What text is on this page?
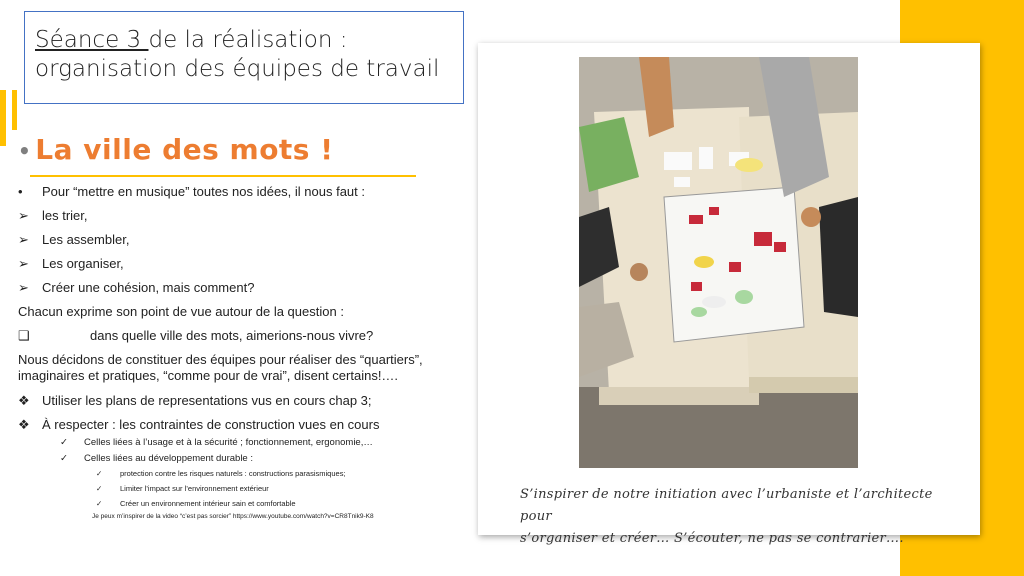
Séance 3 de la réalisation :
organisation des équipes de travail
• La ville des mots !
•	Pour “mettre en musique” toutes nos idées, il nous faut :
➢	les trier,
➢	Les assembler,
➢	Les organiser,
➢	Créer une cohésion, mais comment?
Chacun exprime son point de vue autour de la question :
❑	dans quelle ville des mots, aimerions-nous vivre?
Nous décidons de constituer des équipes pour réaliser des “quartiers”, imaginaires et pratiques, “comme pour de vrai”, disent certains!….
❖ Utiliser les plans de representations vus en cours chap 3;
❖ À respecter : les contraintes de construction vues en cours
✓	Celles liées à l’usage et à la sécurité ; fonctionnement, ergonomie,…
✓	Celles liées au développement durable :
✓	protection contre les risques naturels : constructions parasismiques;
✓	Limiter l’impact sur l’environnement extérieur
✓	Créer un environnement intérieur sain et comfortable
Je peux m’inspirer de la video “c’est pas sorcier” https://www.youtube.com/watch?v=CR8Tnik9-K8
S’inspirer de notre initiation avec l’urbaniste et l’architecte pour
s’organiser et créer… S’écouter, ne pas se contrarier….
